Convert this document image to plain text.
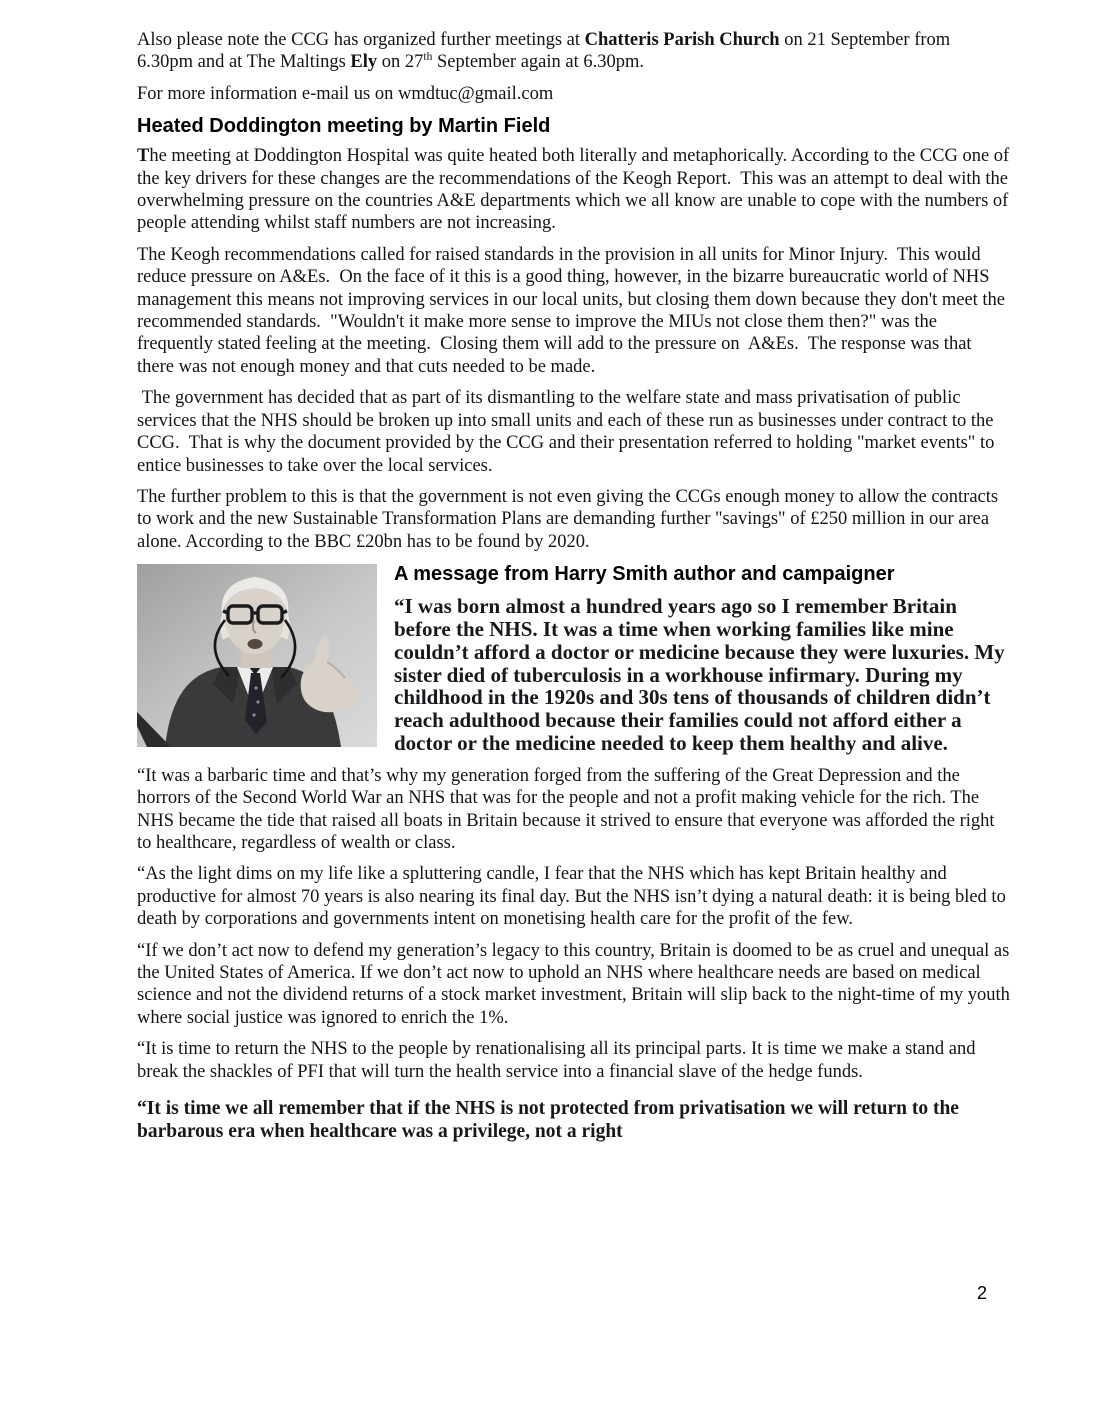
Also please note the CCG has organized further meetings at Chatteris Parish Church on 21 September from 6.30pm and at The Maltings Ely on 27th September again at 6.30pm.

For more information e-mail us on wmdtuc@gmail.com

Heated Doddington meeting by Martin Field

The meeting at Doddington Hospital was quite heated both literally and metaphorically. According to the CCG one of the key drivers for these changes are the recommendations of the Keogh Report.  This was an attempt to deal with the overwhelming pressure on the countries A&E departments which we all know are unable to cope with the numbers of people attending whilst staff numbers are not increasing.

The Keogh recommendations called for raised standards in the provision in all units for Minor Injury.  This would reduce pressure on A&Es.  On the face of it this is a good thing, however, in the bizarre bureaucratic world of NHS management this means not improving services in our local units, but closing them down because they don't meet the recommended standards.  "Wouldn't it make more sense to improve the MIUs not close them then?" was the frequently stated feeling at the meeting.  Closing them will add to the pressure on  A&Es.  The response was that there was not enough money and that cuts needed to be made.

The government has decided that as part of its dismantling to the welfare state and mass privatisation of public services that the NHS should be broken up into small units and each of these run as businesses under contract to the CCG.  That is why the document provided by the CCG and their presentation referred to holding "market events" to entice businesses to take over the local services.

The further problem to this is that the government is not even giving the CCGs enough money to allow the contracts to work and the new Sustainable Transformation Plans are demanding further "savings" of £250 million in our area alone. According to the BBC £20bn has to be found by 2020.

A message from Harry Smith author and campaigner

“I was born almost a hundred years ago so I remember Britain before the NHS. It was a time when working families like mine couldn’t afford a doctor or medicine because they were luxuries. My sister died of tuberculosis in a workhouse infirmary. During my childhood in the 1920s and 30s tens of thousands of children didn’t reach adulthood because their families could not afford either a doctor or the medicine needed to keep them healthy and alive.

“It was a barbaric time and that’s why my generation forged from the suffering of the Great Depression and the horrors of the Second World War an NHS that was for the people and not a profit making vehicle for the rich. The NHS became the tide that raised all boats in Britain because it strived to ensure that everyone was afforded the right to healthcare, regardless of wealth or class.

“As the light dims on my life like a spluttering candle, I fear that the NHS which has kept Britain healthy and productive for almost 70 years is also nearing its final day. But the NHS isn’t dying a natural death: it is being bled to death by corporations and governments intent on monetising health care for the profit of the few.

“If we don’t act now to defend my generation’s legacy to this country, Britain is doomed to be as cruel and unequal as the United States of America. If we don’t act now to uphold an NHS where healthcare needs are based on medical science and not the dividend returns of a stock market investment, Britain will slip back to the night-time of my youth where social justice was ignored to enrich the 1%.

“It is time to return the NHS to the people by renationalising all its principal parts. It is time we make a stand and break the shackles of PFI that will turn the health service into a financial slave of the hedge funds.

“It is time we all remember that if the NHS is not protected from privatisation we will return to the barbarous era when healthcare was a privilege, not a right

2
